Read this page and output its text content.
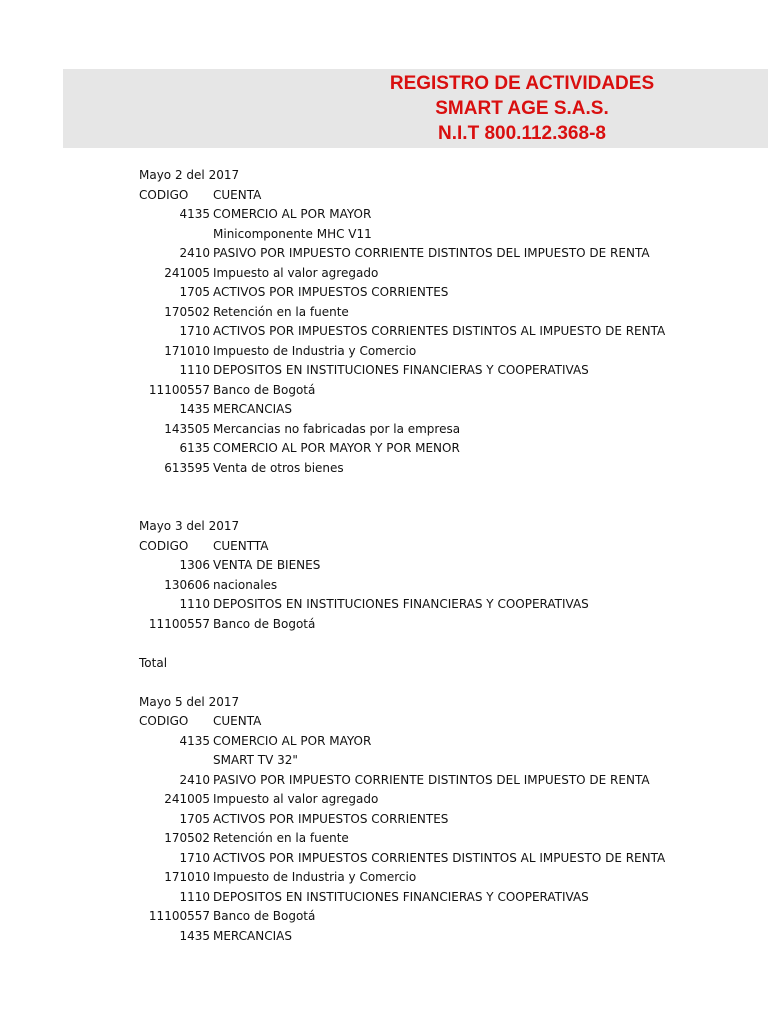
REGISTRO DE ACTIVIDADES
SMART AGE S.A.S.
N.I.T 800.112.368-8
Mayo 2 del 2017
CODIGO CUENTA
4135 COMERCIO AL POR MAYOR
Minicomponente MHC V11
2410 PASIVO POR IMPUESTO CORRIENTE DISTINTOS DEL IMPUESTO DE RENTA
241005 Impuesto al valor agregado
1705 ACTIVOS POR IMPUESTOS CORRIENTES
170502 Retención en la fuente
1710 ACTIVOS POR IMPUESTOS CORRIENTES DISTINTOS AL IMPUESTO DE RENTA
171010 Impuesto de Industria y Comercio
1110 DEPOSITOS EN INSTITUCIONES FINANCIERAS Y COOPERATIVAS
11100557 Banco de Bogotá
1435 MERCANCIAS
143505 Mercancias no fabricadas por la empresa
6135 COMERCIO AL POR MAYOR Y POR MENOR
613595 Venta de otros bienes
Mayo 3 del 2017
CODIGO CUENTTA
1306 VENTA DE BIENES
130606 nacionales
1110 DEPOSITOS EN INSTITUCIONES FINANCIERAS Y COOPERATIVAS
11100557 Banco de Bogotá
Total
Mayo 5 del 2017
CODIGO CUENTA
4135 COMERCIO AL POR MAYOR
SMART TV 32"
2410 PASIVO POR IMPUESTO CORRIENTE DISTINTOS DEL IMPUESTO DE RENTA
241005 Impuesto al valor agregado
1705 ACTIVOS POR IMPUESTOS CORRIENTES
170502 Retención en la fuente
1710 ACTIVOS POR IMPUESTOS CORRIENTES DISTINTOS AL IMPUESTO DE RENTA
171010 Impuesto de Industria y Comercio
1110 DEPOSITOS EN INSTITUCIONES FINANCIERAS Y COOPERATIVAS
11100557 Banco de Bogotá
1435 MERCANCIAS
